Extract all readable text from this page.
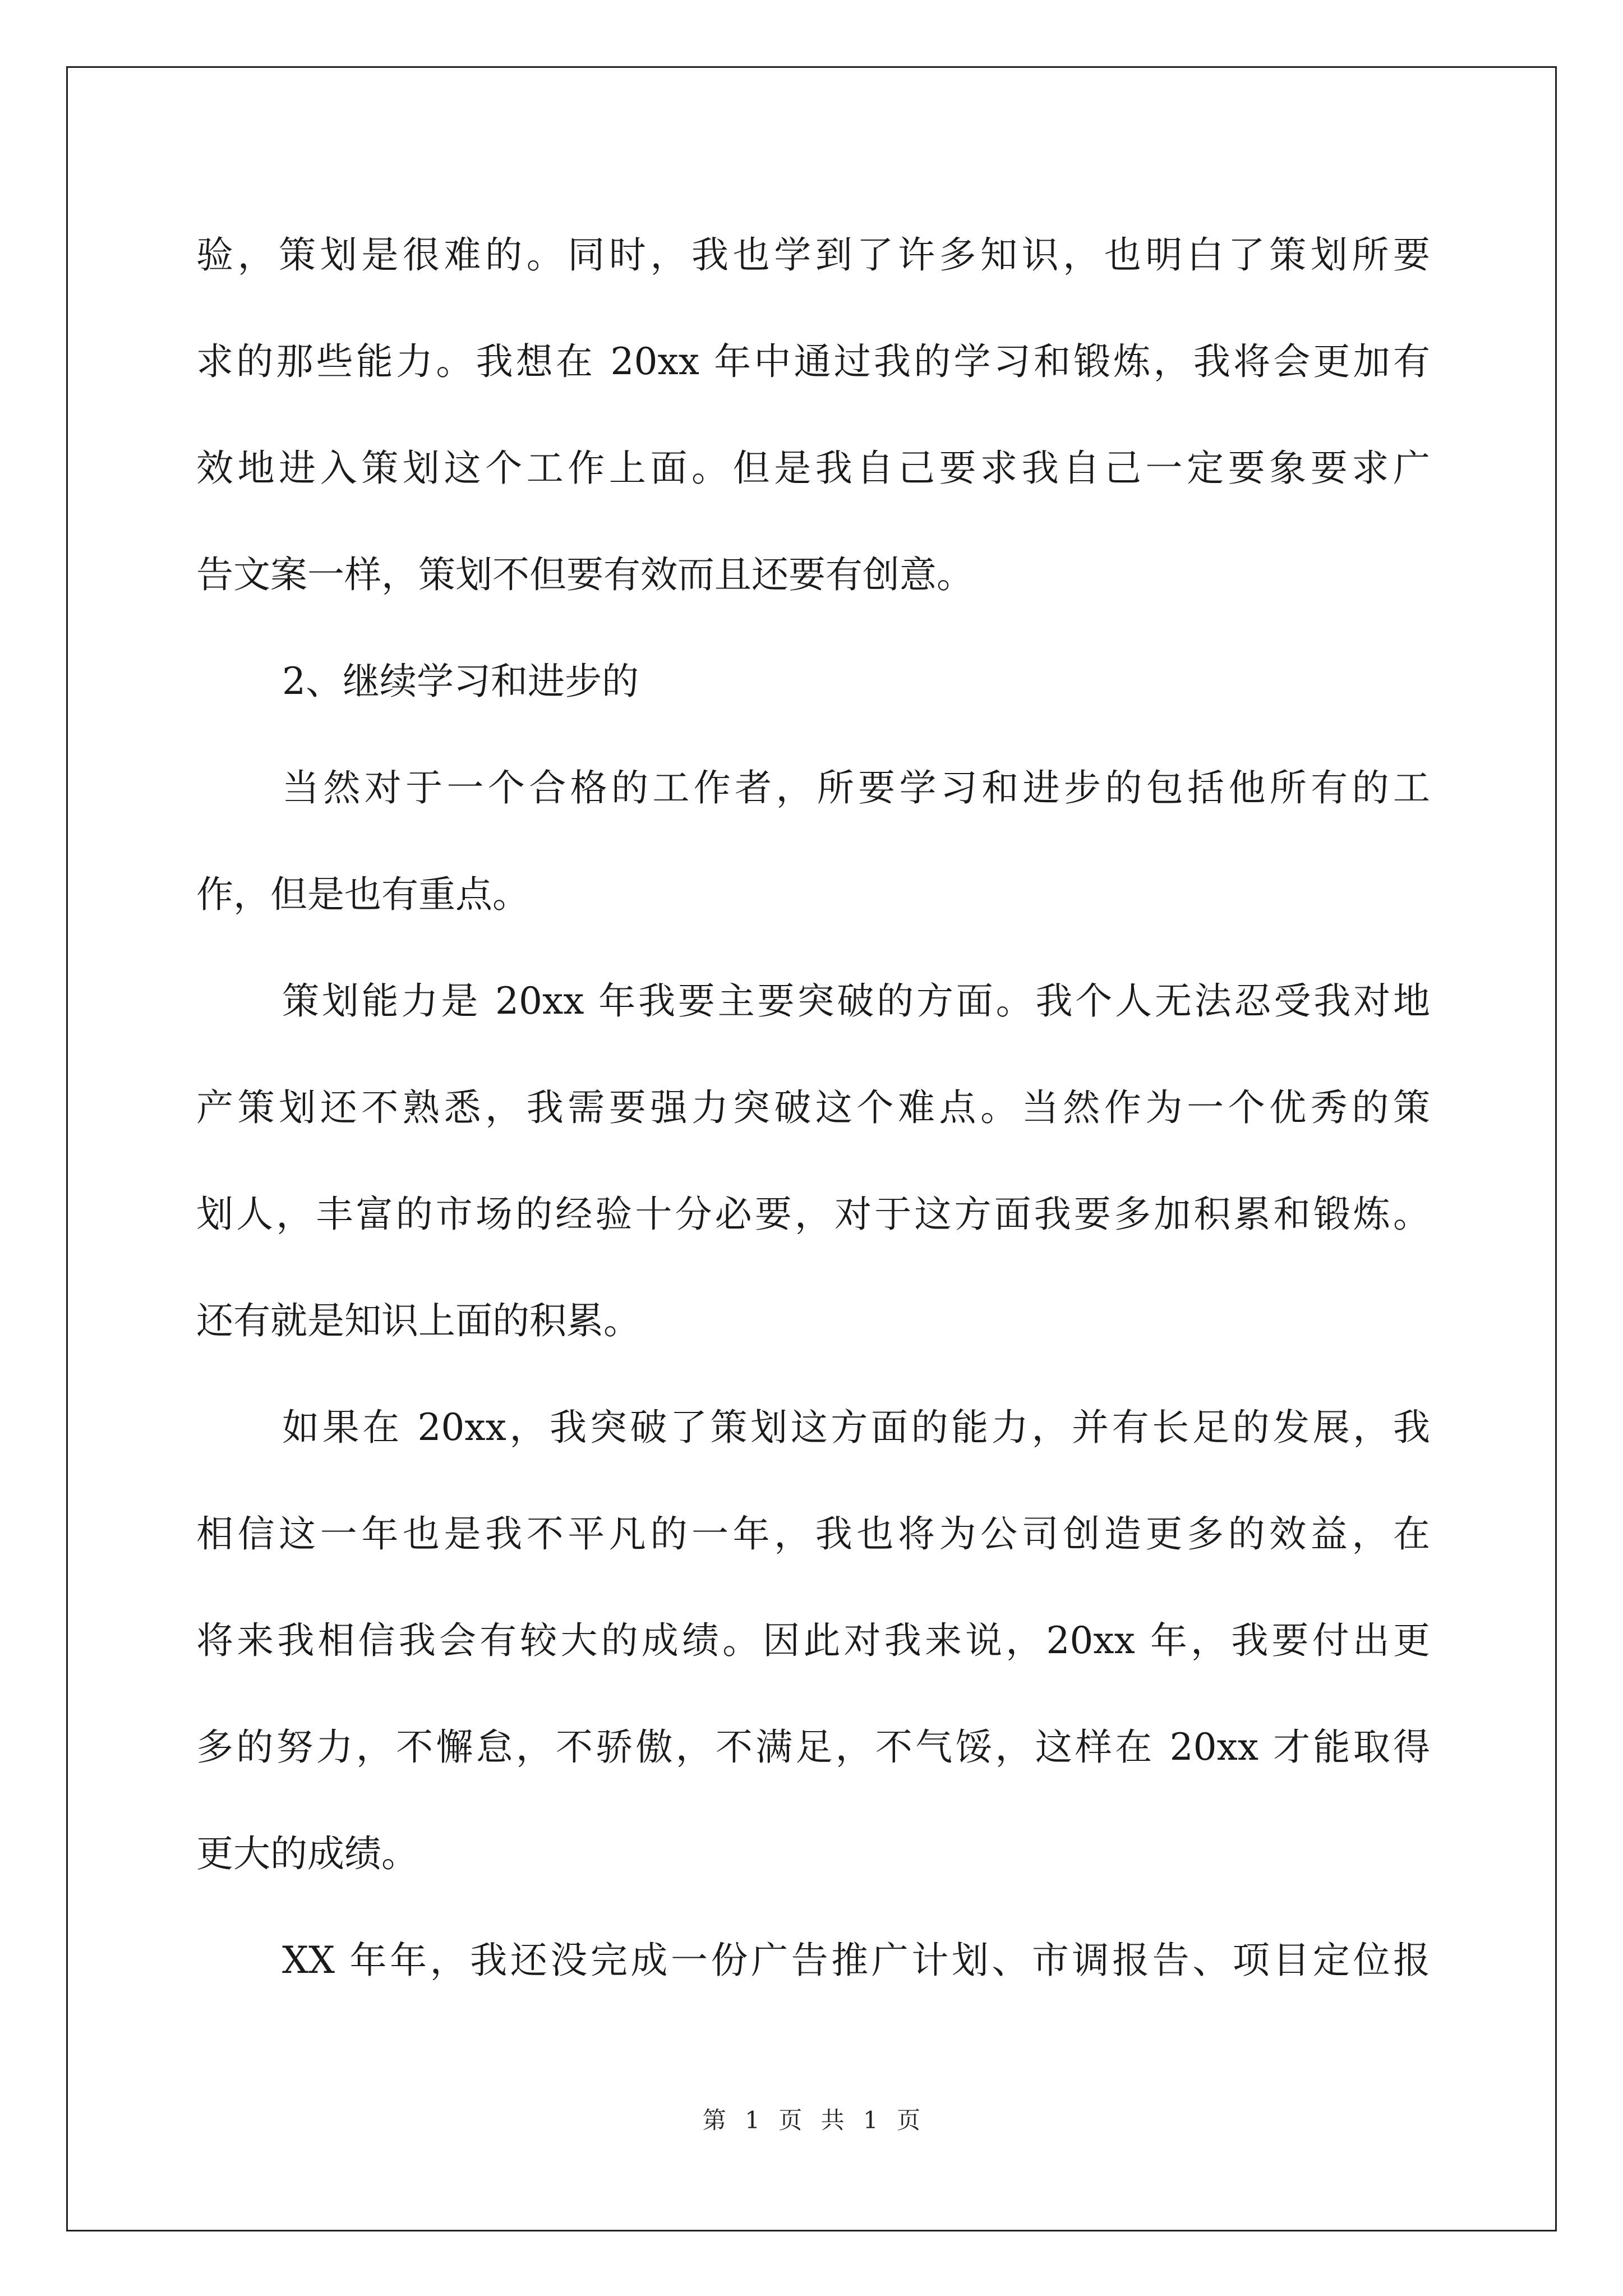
验，策划是很难的。同时，我也学到了许多知识，也明白了策划所要
求的那些能力。我想在 20xx 年中通过我的学习和锻炼，我将会更加有
效地进入策划这个工作上面。但是我自己要求我自己一定要象要求广
告文案一样，策划不但要有效而且还要有创意。
2、继续学习和进步的
当然对于一个合格的工作者，所要学习和进步的包括他所有的工
作，但是也有重点。
策划能力是 20xx 年我要主要突破的方面。我个人无法忍受我对地
产策划还不熟悉，我需要强力突破这个难点。当然作为一个优秀的策
划人，丰富的市场的经验十分必要，对于这方面我要多加积累和锻炼。
还有就是知识上面的积累。
如果在 20xx，我突破了策划这方面的能力，并有长足的发展，我
相信这一年也是我不平凡的一年，我也将为公司创造更多的效益，在
将来我相信我会有较大的成绩。因此对我来说，20xx 年，我要付出更
多的努力，不懈怠，不骄傲，不满足，不气馁，这样在 20xx 才能取得
更大的成绩。
XX 年年，我还没完成一份广告推广计划、市调报告、项目定位报
第 1 页 共 1 页
